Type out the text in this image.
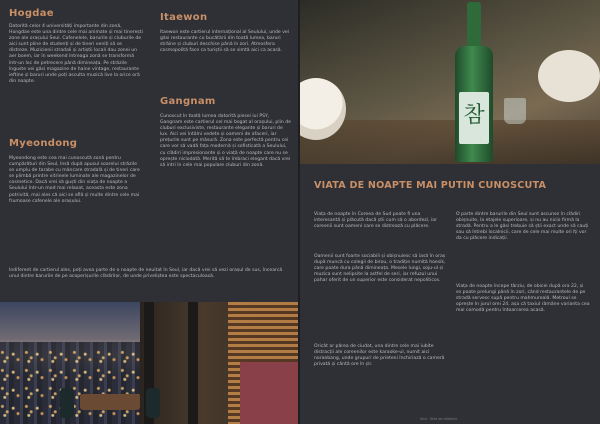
Hogdae

Datorită celor 4 universități importante din zonă, Hongdae este una dintre cele mai animate și mai tinerești zone ale orașului Seul. Cafenelele, barurile și cluburile de aici sunt pline de studenți și de tineri veniți să se distreze. Muzicienii stradali și artiștii locali dau zonei un aer boem, iar în weekend întreaga zonă se transformă într-un loc de petrecere până dimineața. Pe străzile înguste vei găsi magazine de haine vintage, restaurante ieftine și baruri unde poți asculta muzică live la orice oră din noapte.

Myeondong

Myeondong este cea mai cunoscută zonă pentru cumpărături din Seul, însă după apusul soarelui străzile se umplu de tarabe cu mâncare stradală și de tineri care se plimbă printre vitrinele luminate ale magazinelor de cosmetice. Dacă vrei să guști din viața de noapte a Seulului într-un mod mai relaxat, aceasta este zona potrivită, mai ales că aici se află și multe dintre cele mai frumoase cafenele ale orașului.

Itaewon

Itaewon este cartierul internațional al Seulului, unde vei găsi restaurante cu bucătării din toată lumea, baruri străine și cluburi deschise până în zori. Atmosfera cosmopolită face ca turiștii să se simtă aici ca acasă.

Gangnam

Cunoscut în toată lumea datorită piesei lui PSY, Gangnam este cartierul cel mai bogat al orașului, plin de cluburi exclusiviste, restaurante elegante și baruri de lux. Aici vei întâlni vedete și oameni de afaceri, iar prețurile sunt pe măsură. Zona este perfectă pentru cei care vor să vadă fața modernă și sofisticată a Seulului, cu clădiri impresionante și o viață de noapte care nu se oprește niciodată. Merită să te îmbraci elegant dacă vrei să intri în cele mai populare cluburi din zonă.

Indiferent de cartierul ales, poți avea parte de o noapte de neuitat în Seul, iar dacă vrei să vezi orașul de sus, încearcă unul dintre barurile de pe acoperișurile clădirilor, de unde priveliștea este spectaculoasă.

참
VIATA DE NOAPTE MAI PUTIN CUNOSCUTA

Viața de noapte în Coreea de Sud poate fi una interesantă și plăcută dacă știi cum să o abordezi, iar coreenii sunt oameni care se distrează cu plăcere.

Oamenii sunt foarte sociabili și obișnuiesc să iasă în oraș după muncă cu colegii de birou, o tradiție numită hoesik, care poate dura până dimineața. Mesele lungi, soju-ul și muzica sunt nelipsite la astfel de seri, iar refuzul unui pahar oferit de un superior este considerat nepoliticos.

Oricât ar părea de ciudat, una dintre cele mai iubite distracții ale coreenilor este karaoke-ul, numit aici noraebang, unde grupuri de prieteni închiriază o cameră privată și cântă ore în șir.

O parte dintre barurile din Seul sunt ascunse în clădiri obișnuite, la etajele superioare, și nu au nicio firmă la stradă. Pentru a le găsi trebuie să știi exact unde să cauți sau să întrebi localnicii, care de cele mai multe ori îți vor da cu plăcere indicații.

Viața de noapte începe târziu, de obicei după ora 22, și se poate prelungi până în zori, când restaurantele de pe stradă servesc supă pentru mahmureală. Metroul se oprește în jurul orei 24, așa că taxiul rămâne varianta cea mai comodă pentru întoarcerea acasă.

Seul · Ghid de călătorie
